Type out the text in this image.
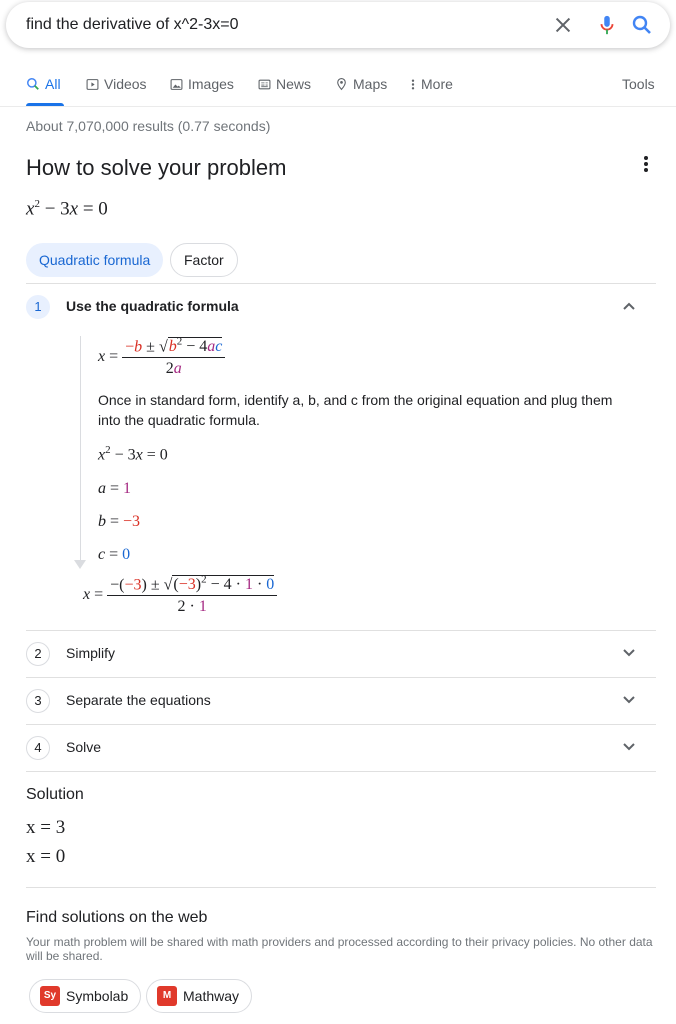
find the derivative of x^2-3x=0
All	Videos	Images	News	Maps More	Tools
About 7,070,000 results (0.77 seconds)
How to solve your problem
$x^2 - 3x = 0$
Quadratic formula	Factor
1	Use the quadratic formula
$x = \frac{-b \pm √b^2 - 4ac}{2a}$
Once in standard form, identify a, b, and c from the original equation and plug them into the quadratic formula.
$x^2 - 3x = 0$
a = 1
b = −3
c = 0
$x = \frac{-(-3) \pm √(-3)^2 - 4 \cdot 1 \cdot 0}{2 \cdot 1}$
2	Simplify
3	Separate the equations
4	Solve
Solution
x = 3
x = 0
Find solutions on the web
Your math problem will be shared with math providers and processed according to their privacy policies. No other data will be shared.
Sy Symbolab	M Mathway
